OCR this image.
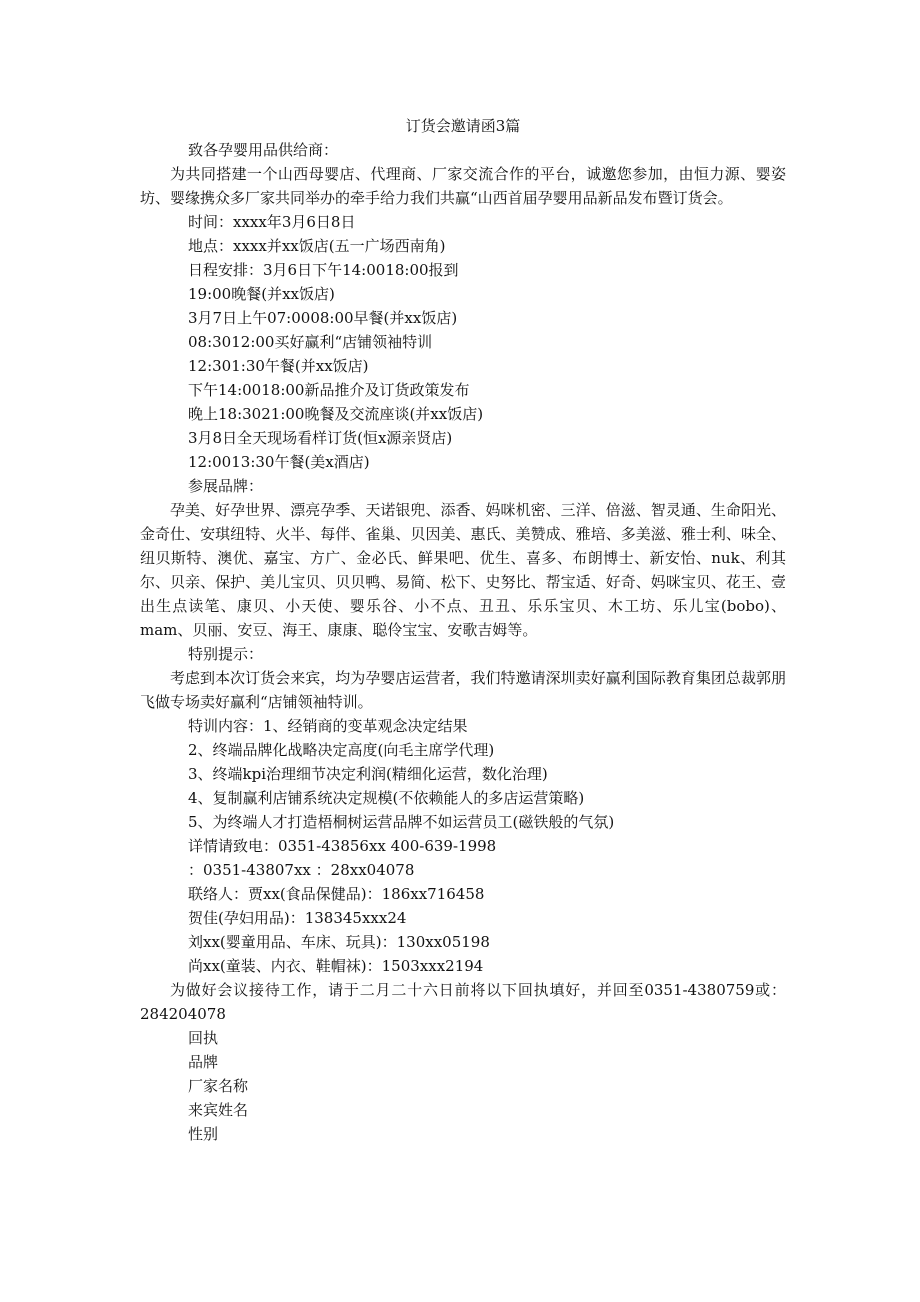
订货会邀请函3篇

致各孕婴用品供给商：

为共同搭建一个山西母婴店、代理商、厂家交流合作的平台，诚邀您参加，由恒力源、婴姿坊、婴缘携众多厂家共同举办的牵手给力我们共赢“山西首届孕婴用品新品发布暨订货会。

时间：xxxx年3月6日8日

地点：xxxx并xx饭店(五一广场西南角)

日程安排：3月6日下午14:0018:00报到

19:00晚餐(并xx饭店)

3月7日上午07:0008:00早餐(并xx饭店)

08:3012:00买好赢利“店铺领袖特训

12:301:30午餐(并xx饭店)

下午14:0018:00新品推介及订货政策发布

晚上18:3021:00晚餐及交流座谈(并xx饭店)

3月8日全天现场看样订货(恒x源亲贤店)

12:0013:30午餐(美x酒店)

参展品牌：

孕美、好孕世界、漂亮孕季、天诺银兜、添香、妈咪机密、三洋、倍滋、智灵通、生命阳光、金奇仕、安琪纽特、火半、每伴、雀巢、贝因美、惠氏、美赞成、雅培、多美滋、雅士利、味全、纽贝斯特、澳优、嘉宝、方广、金必氏、鲜果吧、优生、喜多、布朗博士、新安怡、nuk、利其尔、贝亲、保护、美儿宝贝、贝贝鸭、易简、松下、史努比、帮宝适、好奇、妈咪宝贝、花王、壹出生点读笔、康贝、小天使、婴乐谷、小不点、丑丑、乐乐宝贝、木工坊、乐儿宝(bobo)、mam、贝丽、安豆、海王、康康、聪伶宝宝、安歌吉姆等。

特别提示：

考虑到本次订货会来宾，均为孕婴店运营者，我们特邀请深圳卖好赢利国际教育集团总裁郭朋飞做专场卖好赢利“店铺领袖特训。

特训内容：1、经销商的变革观念决定结果

2、终端品牌化战略决定高度(向毛主席学代理)

3、终端kpi治理细节决定利润(精细化运营，数化治理)

4、复制赢利店铺系统决定规模(不依赖能人的多店运营策略)

5、为终端人才打造梧桐树运营品牌不如运营员工(磁铁般的气氛)

详情请致电：0351-43856xx 400-639-1998

：0351-43807xx ：28xx04078

联络人：贾xx(食品保健品)：186xx716458

贺佳(孕妇用品)：138345xxx24

刘xx(婴童用品、车床、玩具)：130xx05198

尚xx(童装、内衣、鞋帽袜)：1503xxx2194

为做好会议接待工作，请于二月二十六日前将以下回执填好，并回至0351-4380759或：284204078

回执

品牌

厂家名称

来宾姓名

性别
